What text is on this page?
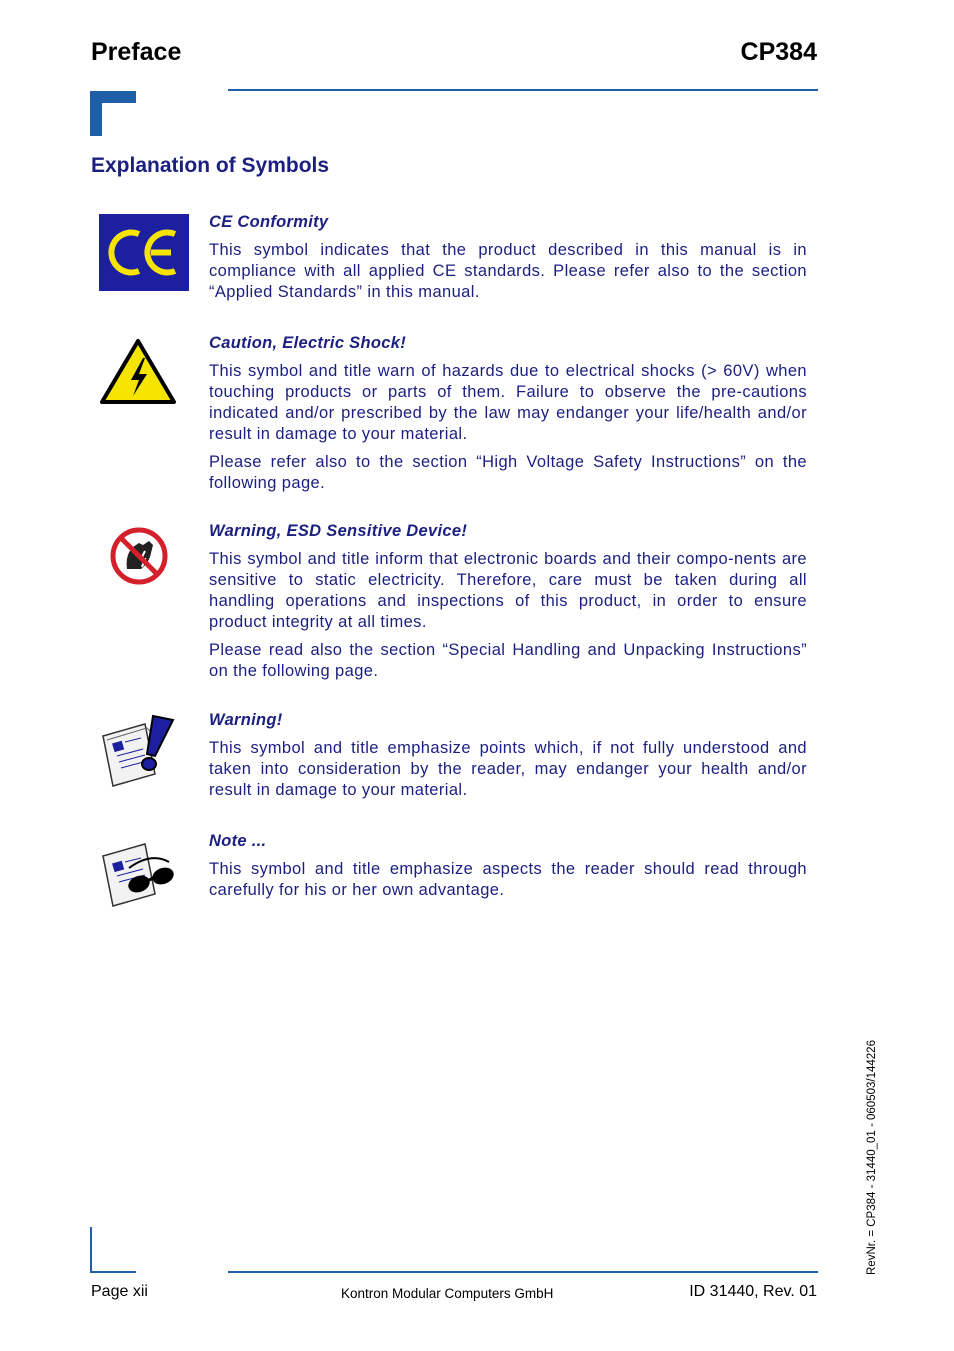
Preface	CP384
Explanation of Symbols
CE Conformity

This symbol indicates that the product described in this manual is in compliance with all applied CE standards. Please refer also to the section “Applied Standards” in this manual.

Caution, Electric Shock!

This symbol and title warn of hazards due to electrical shocks (> 60V) when touching products or parts of them. Failure to observe the pre-cautions indicated and/or prescribed by the law may endanger your life/health and/or result in damage to your material.

Please refer also to the section “High Voltage Safety Instructions” on the following page.

Warning, ESD Sensitive Device!

This symbol and title inform that electronic boards and their compo-nents are sensitive to static electricity. Therefore, care must be taken during all handling operations and inspections of this product, in order to ensure product integrity at all times.

Please read also the section “Special Handling and Unpacking Instructions” on the following page.

Warning!

This symbol and title emphasize points which, if not fully understood and taken into consideration by the reader, may endanger your health and/or result in damage to your material.

Note ...

This symbol and title emphasize aspects the reader should read through carefully for his or her own advantage.

RevNr. = CP384 - 31440_01 - 060503/144226
Page xii	Kontron Modular Computers GmbH	ID 31440, Rev. 01
